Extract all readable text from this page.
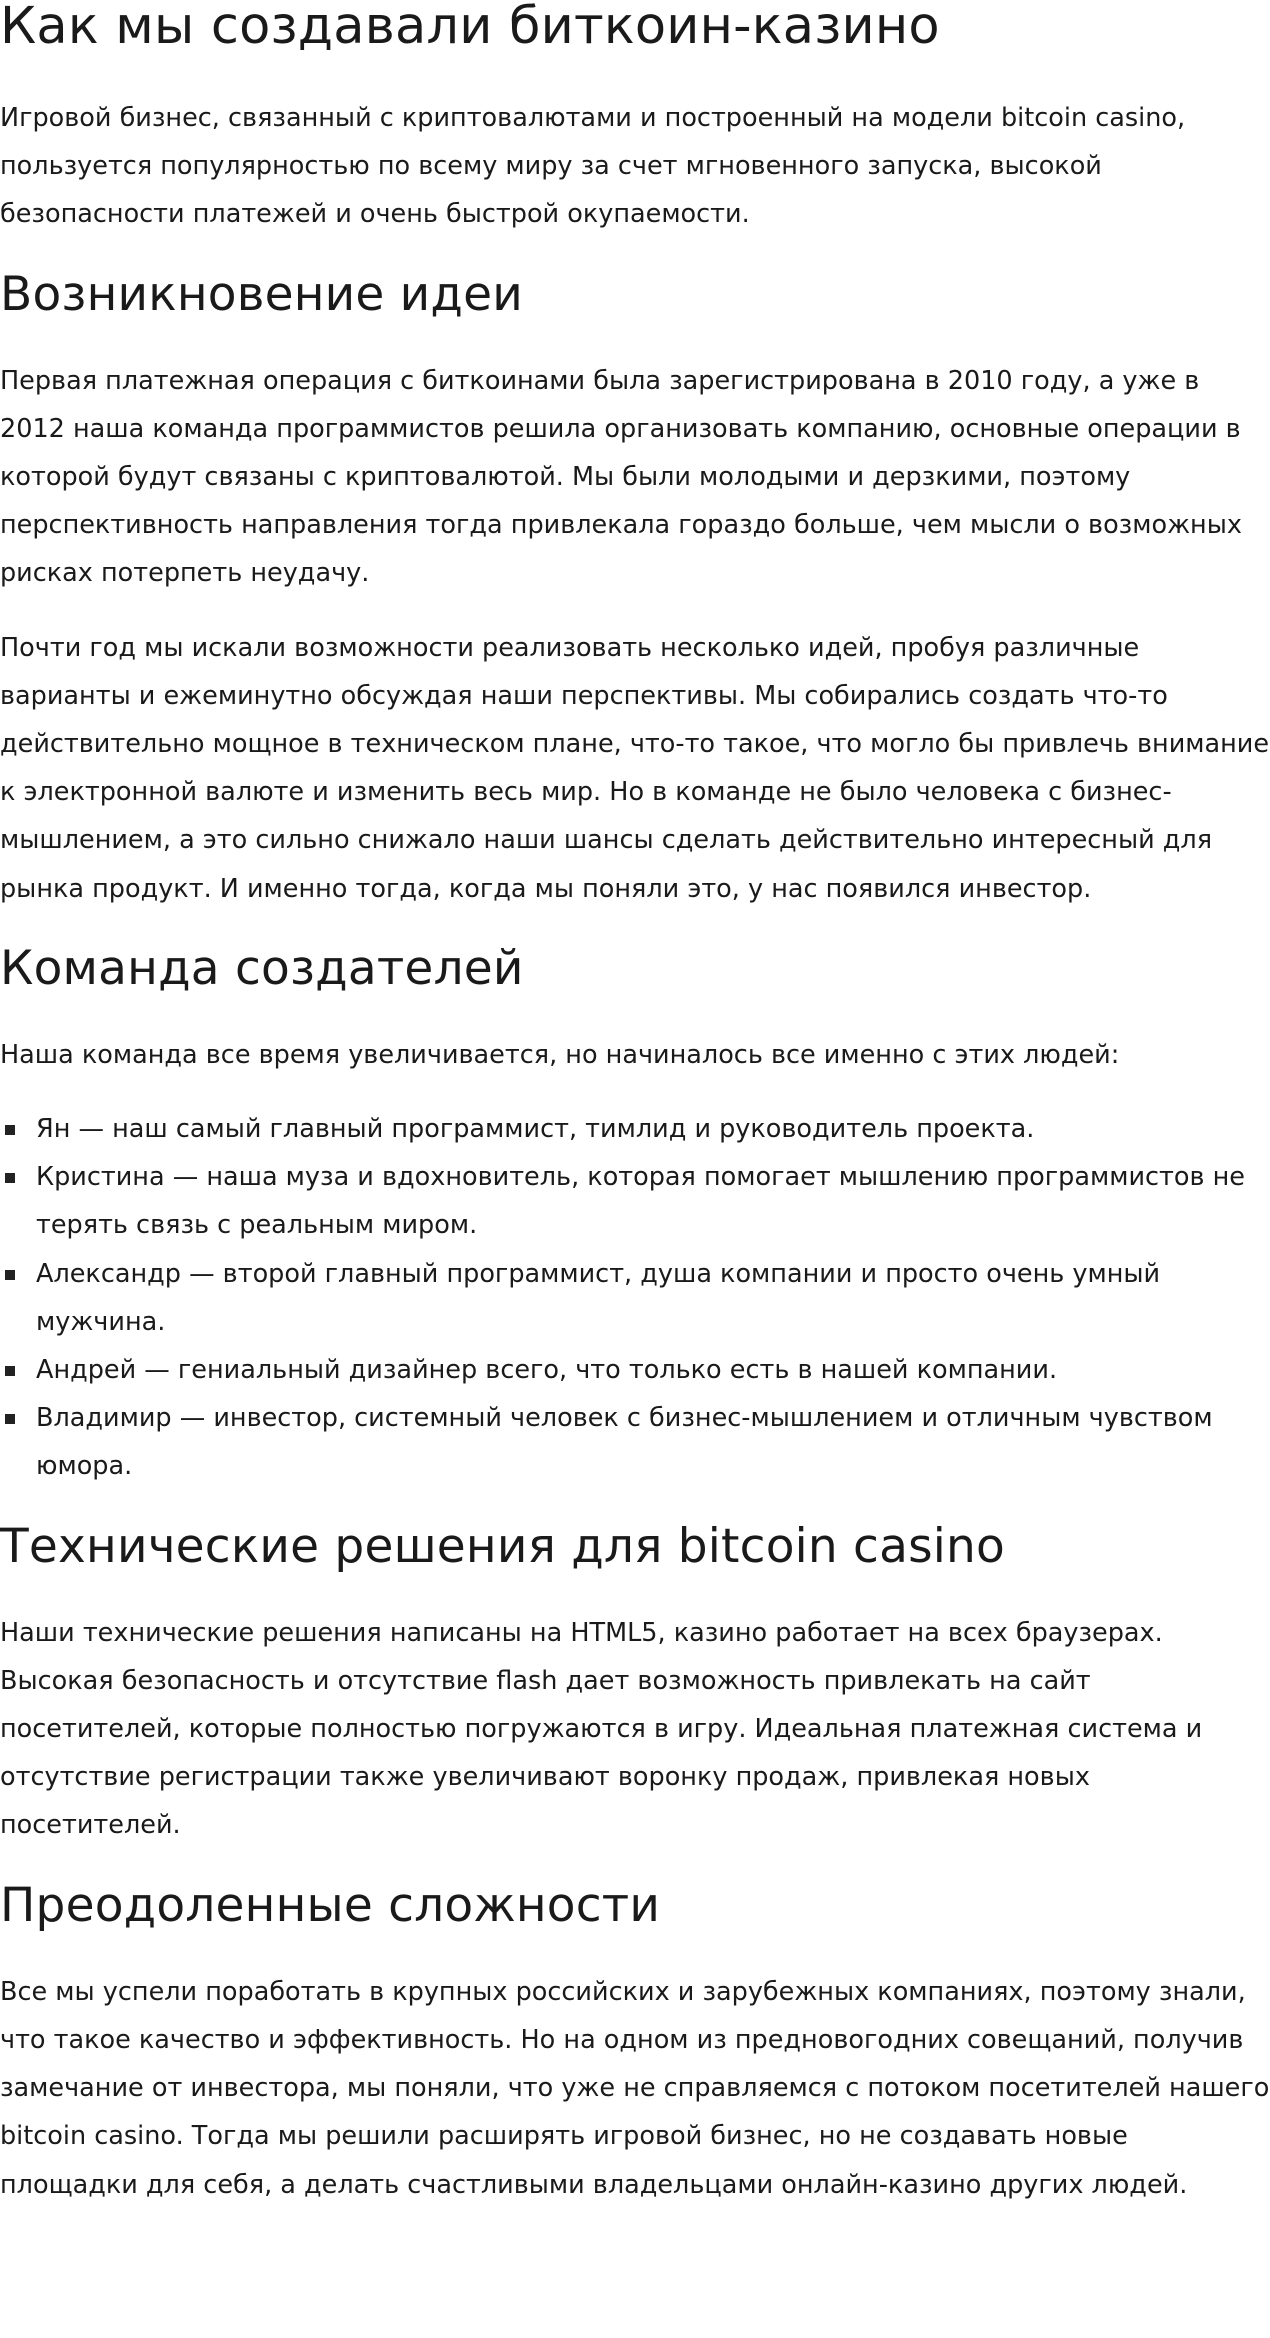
Как мы создавали биткоин-казино

Игровой бизнес, связанный с криптовалютами и построенный на модели bitcoin casino, пользуется популярностью по всему миру за счет мгновенного запуска, высокой безопасности платежей и очень быстрой окупаемости.

Возникновение идеи

Первая платежная операция с биткоинами была зарегистрирована в 2010 году, а уже в 2012 наша команда программистов решила организовать компанию, основные операции в которой будут связаны с криптовалютой. Мы были молодыми и дерзкими, поэтому перспективность направления тогда привлекала гораздо больше, чем мысли о возможных рисках потерпеть неудачу.

Почти год мы искали возможности реализовать несколько идей, пробуя различные варианты и ежеминутно обсуждая наши перспективы. Мы собирались создать что-то действительно мощное в техническом плане, что-то такое, что могло бы привлечь внимание к электронной валюте и изменить весь мир. Но в команде не было человека с бизнес-мышлением, а это сильно снижало наши шансы сделать действительно интересный для рынка продукт. И именно тогда, когда мы поняли это, у нас появился инвестор.

Команда создателей

Наша команда все время увеличивается, но начиналось все именно с этих людей:

Ян — наш самый главный программист, тимлид и руководитель проекта.
Кристина — наша муза и вдохновитель, которая помогает мышлению программистов не терять связь с реальным миром.
Александр — второй главный программист, душа компании и просто очень умный мужчина.
Андрей — гениальный дизайнер всего, что только есть в нашей компании.
Владимир — инвестор, системный человек с бизнес-мышлением и отличным чувством юмора.
Технические решения для bitcoin casino

Наши технические решения написаны на HTML5, казино работает на всех браузерах. Высокая безопасность и отсутствие flash дает возможность привлекать на сайт посетителей, которые полностью погружаются в игру. Идеальная платежная система и отсутствие регистрации также увеличивают воронку продаж, привлекая новых посетителей.

Преодоленные сложности

Все мы успели поработать в крупных российских и зарубежных компаниях, поэтому знали, что такое качество и эффективность. Но на одном из предновогодних совещаний, получив замечание от инвестора, мы поняли, что уже не справляемся с потоком посетителей нашего bitcoin casino. Тогда мы решили расширять игровой бизнес, но не создавать новые площадки для себя, а делать счастливыми владельцами онлайн-казино других людей.
